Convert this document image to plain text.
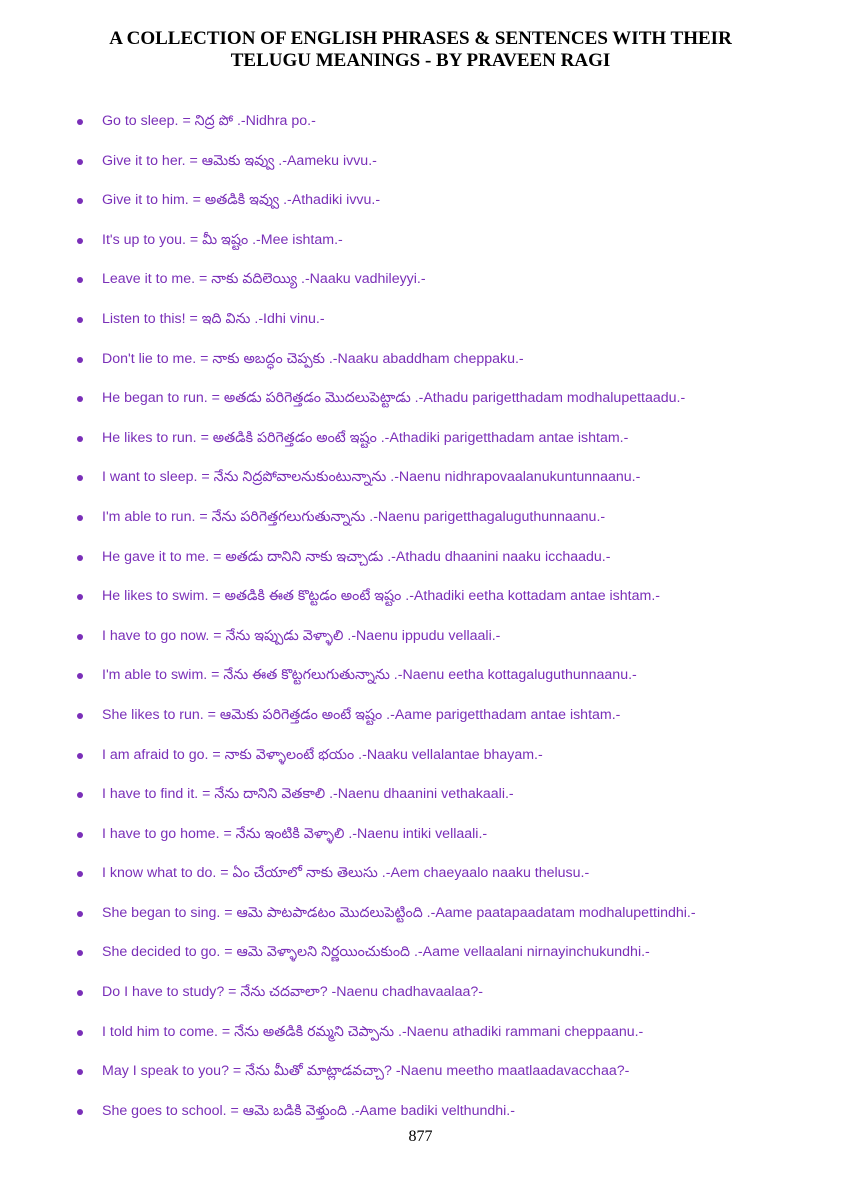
A COLLECTION OF ENGLISH PHRASES & SENTENCES WITH THEIR
TELUGU MEANINGS - BY PRAVEEN RAGI
Go to sleep. = నిద్ర పో .-Nidhra po.-
Give it to her. = ఆమెకు ఇవ్వు .-Aameku ivvu.-
Give it to him. = అతడికి ఇవ్వు .-Athadiki ivvu.-
It's up to you. = మీ ఇష్టం .-Mee ishtam.-
Leave it to me. = నాకు వదిలెయ్యి .-Naaku vadhileyyi.-
Listen to this! = ఇది విను .-Idhi vinu.-
Don't lie to me. = నాకు అబద్ధం చెప్పకు .-Naaku abaddham cheppaku.-
He began to run. = అతడు పరిగెత్తడం మొదలుపెట్టాడు .-Athadu parigetthadam modhalupettaadu.-
He likes to run. = అతడికి పరిగెత్తడం అంటే ఇష్టం .-Athadiki parigetthadam antae ishtam.-
I want to sleep. = నేను నిద్రపోవాలనుకుంటున్నాను .-Naenu nidhrapovaalanukuntunnaanu.-
I'm able to run. = నేను పరిగెత్తగలుగుతున్నాను .-Naenu parigetthagaluguthunnaanu.-
He gave it to me. = అతడు దానిని నాకు ఇచ్చాడు .-Athadu dhaanini naaku icchaadu.-
He likes to swim. = అతడికి ఈత కొట్టడం అంటే ఇష్టం .-Athadiki eetha kottadam antae ishtam.-
I have to go now. = నేను ఇప్పుడు వెళ్ళాలి .-Naenu ippudu vellaali.-
I'm able to swim. = నేను ఈత కొట్టగలుగుతున్నాను .-Naenu eetha kottagaluguthunnaanu.-
She likes to run. = ఆమెకు పరిగెత్తడం అంటే ఇష్టం .-Aame parigetthadam antae ishtam.-
I am afraid to go. = నాకు వెళ్ళాలంటే భయం .-Naaku vellalantae bhayam.-
I have to find it. = నేను దానిని వెతకాలి .-Naenu dhaanini vethakaali.-
I have to go home. = నేను ఇంటికి వెళ్ళాలి .-Naenu intiki vellaali.-
I know what to do. = ఏం చేయాలో నాకు తెలుసు .-Aem chaeyaalo naaku thelusu.-
She began to sing. = ఆమె పాటపాడటం మొదలుపెట్టింది .-Aame paatapaadatam modhalupettindhi.-
She decided to go. = ఆమె వెళ్ళాలని నిర్ణయించుకుంది .-Aame vellaalani nirnayinchukundhi.-
Do I have to study? = నేను చదవాలా? -Naenu chadhavaalaa?-
I told him to come. = నేను అతడికి రమ్మని చెప్పాను .-Naenu athadiki rammani cheppaanu.-
May I speak to you? = నేను మీతో మాట్లాడవచ్చా? -Naenu meetho maatlaadavacchaa?-
She goes to school. = ఆమె బడికి వెళ్తుంది .-Aame badiki velthundhi.-
877
